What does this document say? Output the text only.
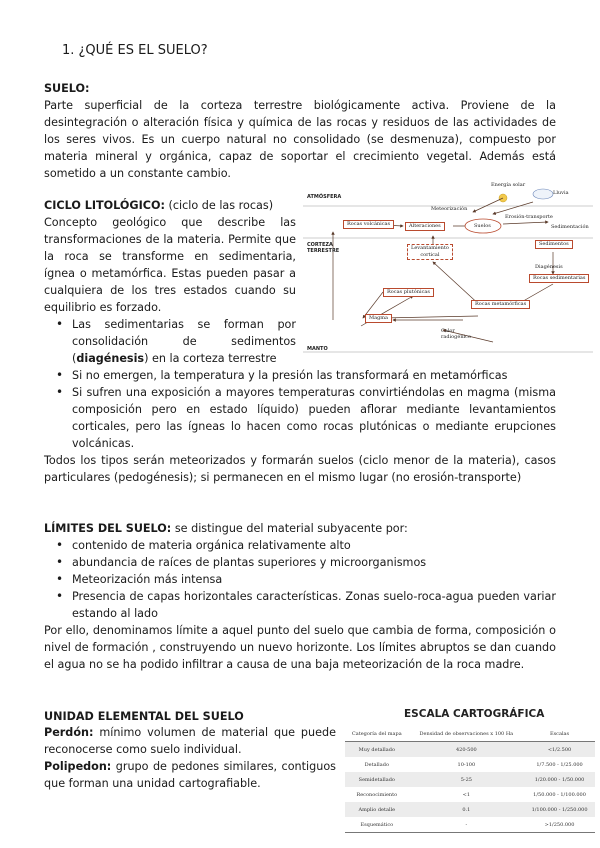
1. ¿QUÉ ES EL SUELO?
SUELO:
Parte superficial de la corteza terrestre biológicamente activa. Proviene de la desintegración o alteración física y química de las rocas y residuos de las actividades de los seres vivos. Es un cuerpo natural no consolidado (se desmenuza), compuesto por materia mineral y orgánica, capaz de soportar el crecimiento vegetal. Además está sometido a un constante cambio.
CICLO LITOLÓGICO: (ciclo de las rocas)
Concepto geológico que describe las transformaciones de la materia. Permite que la roca se transforme en sedimentaria, ígnea o metamórfica. Estas pueden pasar a cualquiera de los tres estados cuando su equilibrio es forzado.
• Las sedimentarias se forman por consolidación de sedimentos (diagénesis) en la corteza terrestre
• Si no emergen, la temperatura y la presión las transformará en metamórficas
• Si sufren una exposición a mayores temperaturas convirtiéndolas en magma (misma composición pero en estado líquido) pueden aflorar mediante levantamientos corticales, pero las ígneas lo hacen como rocas plutónicas o mediante erupciones volcánicas.
Todos los tipos serán meteorizados y formarán suelos (ciclo menor de la materia), casos particulares (pedogénesis); si permanecen en el mismo lugar (no erosión-transporte)
ATMÓSFERA
CORTEZA
TERRESTRE
MANTO
Energía solar
Lluvia
Meteorización
Erosión-transporte
Sedimentación
Rocas volcánicas	Alteraciones	Suelos
Sedimentos
Levantamiento
cortical
Diagénesis
Rocas sedimentarias
Rocas plutónicas
Rocas metamórficas
Magma
Calor
radiogénico
LÍMITES DEL SUELO: se distingue del material subyacente por:
• contenido de materia orgánica relativamente alto
• abundancia de raíces de plantas superiores y microorganismos
• Meteorización más intensa
• Presencia de capas horizontales características. Zonas suelo-roca-agua pueden variar estando al lado
Por ello, denominamos límite a aquel punto del suelo que cambia de forma, composición o nivel de formación , construyendo un nuevo horizonte. Los límites abruptos se dan cuando el agua no se ha podido infiltrar a causa de una baja meteorización de la roca madre.
UNIDAD ELEMENTAL DEL SUELO
Perdón: mínimo volumen de material que puede reconocerse como suelo individual.
Polipedon: grupo de pedones similares, contiguos que forman una unidad cartografiable.
ESCALA CARTOGRÁFICA
Categoría del mapa	Densidad de observaciones x 100 Ha	Escalas
Muy detallado	420-500	<1/2.500
Detallado	10-100	1/7.500 - 1/25.000
Semidetallado	5-25	1/20.000 - 1/50.000
Reconocimiento	<1	1/50.000 - 1/100.000
Amplio detalle	0.1	1/100.000 - 1/250.000
Esquemático	-	>1/250.000
